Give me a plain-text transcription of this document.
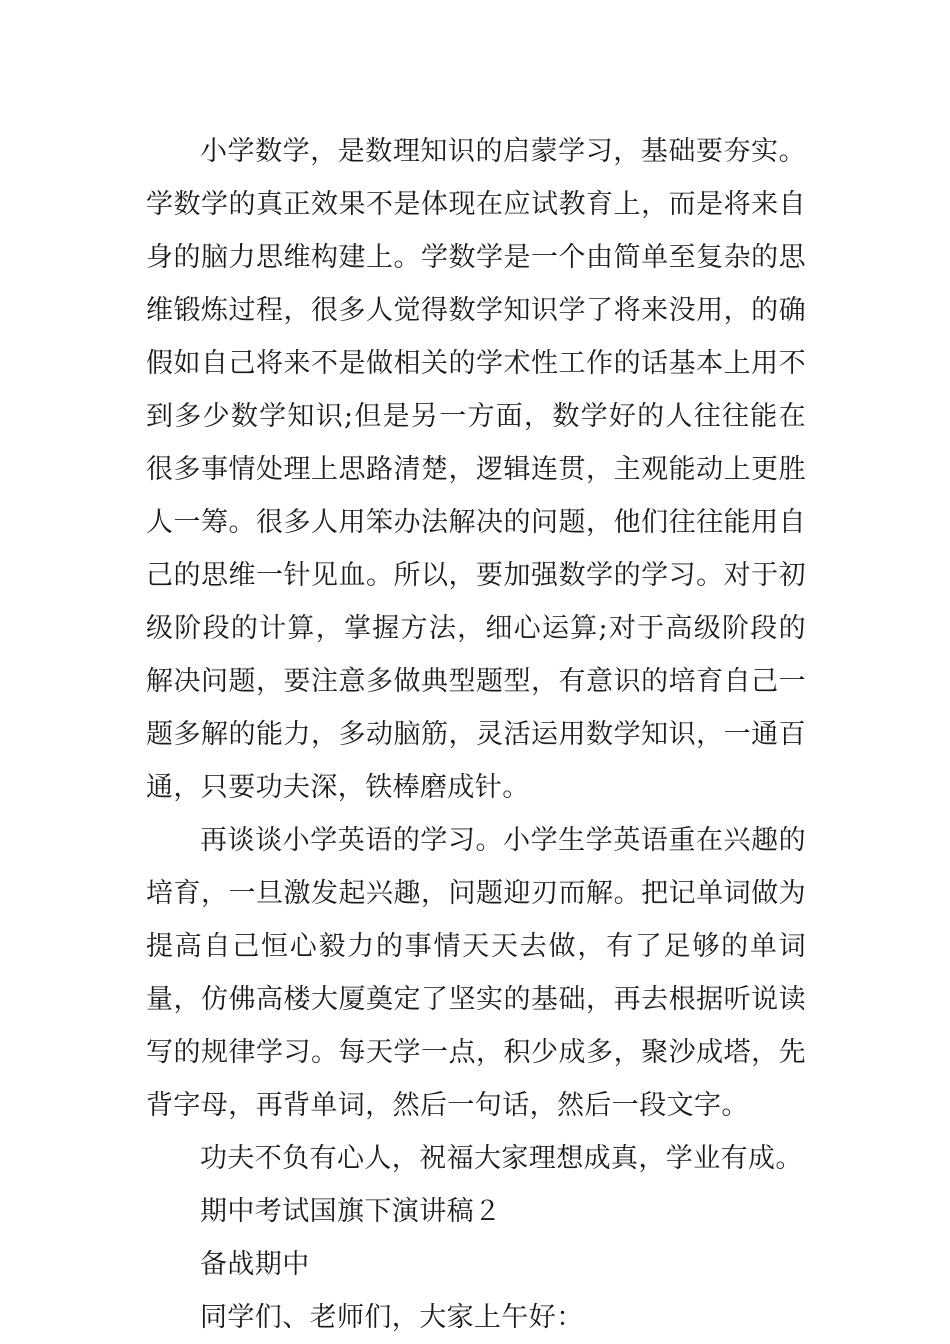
小学数学，是数理知识的启蒙学习，基础要夯实。学数学的真正效果不是体现在应试教育上，而是将来自身的脑力思维构建上。学数学是一个由简单至复杂的思维锻炼过程，很多人觉得数学知识学了将来没用，的确假如自己将来不是做相关的学术性工作的话基本上用不到多少数学知识;但是另一方面，数学好的人往往能在很多事情处理上思路清楚，逻辑连贯，主观能动上更胜人一筹。很多人用笨办法解决的问题，他们往往能用自己的思维一针见血。所以，要加强数学的学习。对于初级阶段的计算，掌握方法，细心运算;对于高级阶段的解决问题，要注意多做典型题型，有意识的培育自己一题多解的能力，多动脑筋，灵活运用数学知识，一通百通，只要功夫深，铁棒磨成针。

再谈谈小学英语的学习。小学生学英语重在兴趣的培育，一旦激发起兴趣，问题迎刃而解。把记单词做为提高自己恒心毅力的事情天天去做，有了足够的单词量，仿佛高楼大厦奠定了坚实的基础，再去根据听说读写的规律学习。每天学一点，积少成多，聚沙成塔，先背字母，再背单词，然后一句话，然后一段文字。

功夫不负有心人，祝福大家理想成真，学业有成。

期中考试国旗下演讲稿２

备战期中

同学们、老师们，大家上午好：
